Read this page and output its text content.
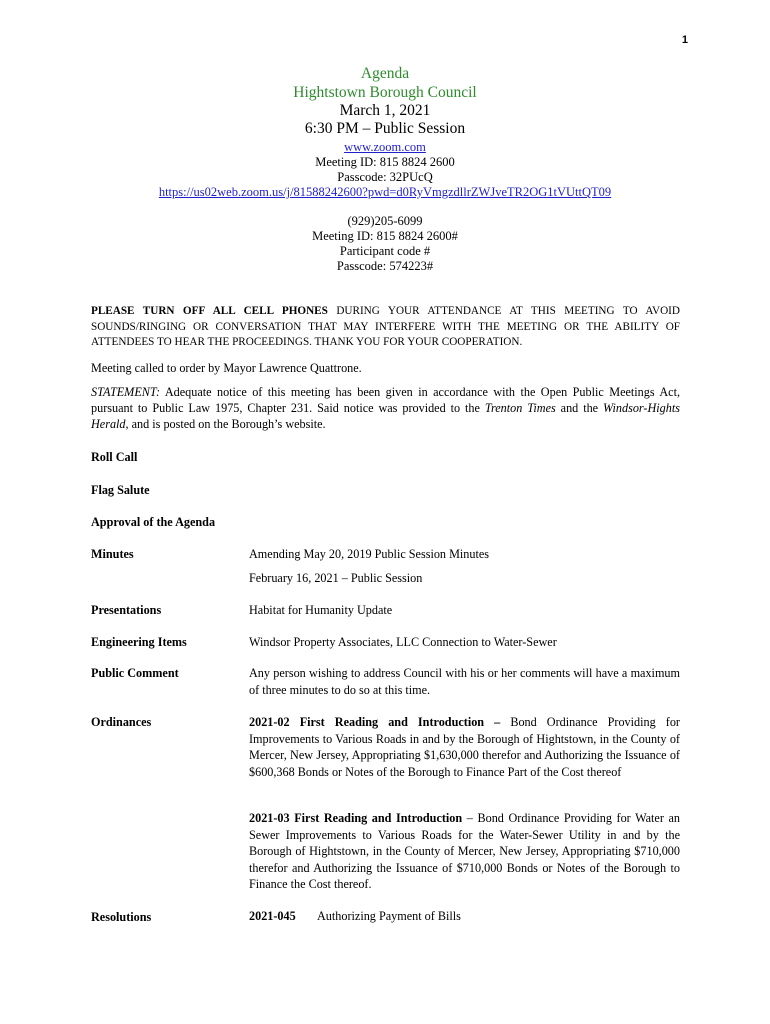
1
Agenda
Hightstown Borough Council
March 1, 2021
6:30 PM – Public Session
www.zoom.com
Meeting ID: 815 8824 2600
Passcode: 32PUcQ
https://us02web.zoom.us/j/81588242600?pwd=d0RyVmgzdllrZWJveTR2OG1tVUttQT09
(929)205-6099
Meeting ID: 815 8824 2600#
Participant code #
Passcode: 574223#
PLEASE TURN OFF ALL CELL PHONES DURING YOUR ATTENDANCE AT THIS MEETING TO AVOID SOUNDS/RINGING OR CONVERSATION THAT MAY INTERFERE WITH THE MEETING OR THE ABILITY OF ATTENDEES TO HEAR THE PROCEEDINGS. THANK YOU FOR YOUR COOPERATION.
Meeting called to order by Mayor Lawrence Quattrone.
STATEMENT: Adequate notice of this meeting has been given in accordance with the Open Public Meetings Act, pursuant to Public Law 1975, Chapter 231. Said notice was provided to the Trenton Times and the Windsor-Hights Herald, and is posted on the Borough’s website.
Roll Call
Flag Salute
Approval of the Agenda
Minutes	Amending May 20, 2019 Public Session Minutes
February 16, 2021 – Public Session
Presentations	Habitat for Humanity Update
Engineering Items	Windsor Property Associates, LLC Connection to Water-Sewer
Public Comment	Any person wishing to address Council with his or her comments will have a maximum of three minutes to do so at this time.
Ordinances	2021-02 First Reading and Introduction – Bond Ordinance Providing for Improvements to Various Roads in and by the Borough of Hightstown, in the County of Mercer, New Jersey, Appropriating $1,630,000 therefor and Authorizing the Issuance of $600,368 Bonds or Notes of the Borough to Finance Part of the Cost thereof
2021-03 First Reading and Introduction – Bond Ordinance Providing for Water an Sewer Improvements to Various Roads for the Water-Sewer Utility in and by the Borough of Hightstown, in the County of Mercer, New Jersey, Appropriating $710,000 therefor and Authorizing the Issuance of $710,000 Bonds or Notes of the Borough to Finance the Cost thereof.
Resolutions	2021-045 Authorizing Payment of Bills
